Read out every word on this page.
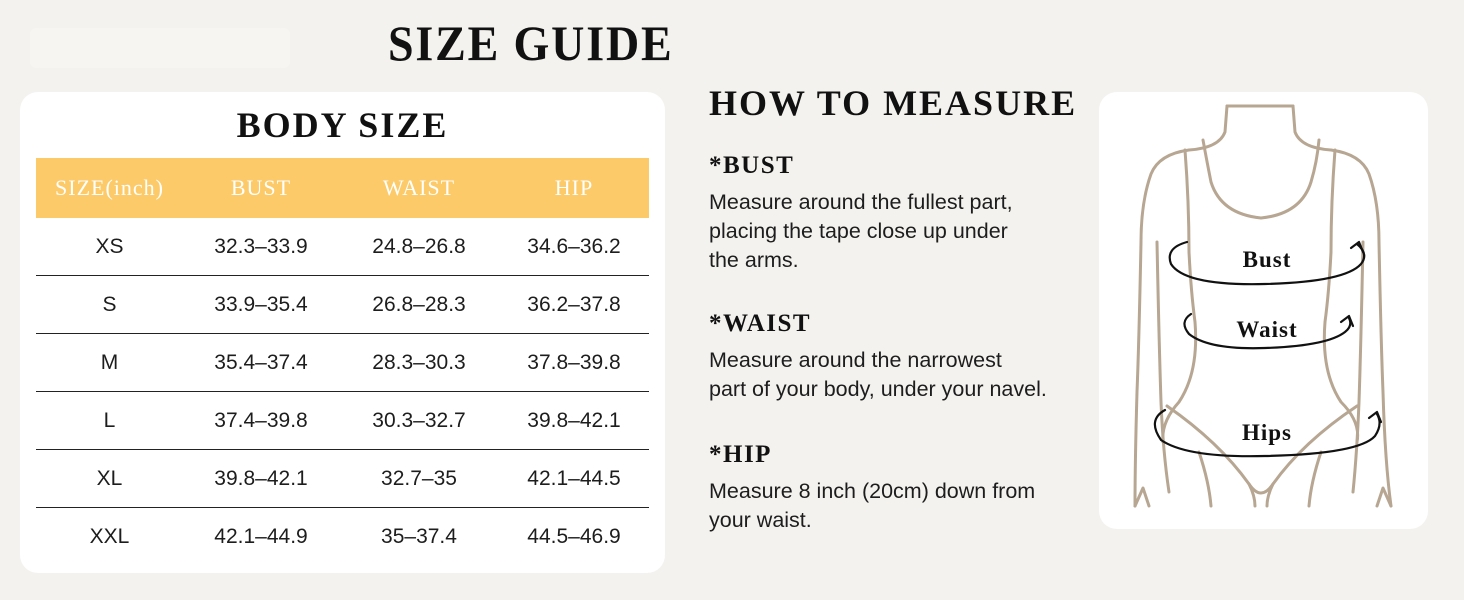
SIZE GUIDE
BODY SIZE
SIZE(inch)	BUST	WAIST	HIP
XS	32.3–33.9	24.8–26.8	34.6–36.2
S	33.9–35.4	26.8–28.3	36.2–37.8
M	35.4–37.4	28.3–30.3	37.8–39.8
L	37.4–39.8	30.3–32.7	39.8–42.1
XL	39.8–42.1	32.7–35	42.1–44.5
XXL	42.1–44.9	35–37.4	44.5–46.9
HOW TO MEASURE
*BUST
Measure around the fullest part,
placing the tape close up under
the arms.
*WAIST
Measure around the narrowest
part of your body, under your navel.
*HIP
Measure 8 inch (20cm) down from
your waist.
Bust
Waist
Hips
